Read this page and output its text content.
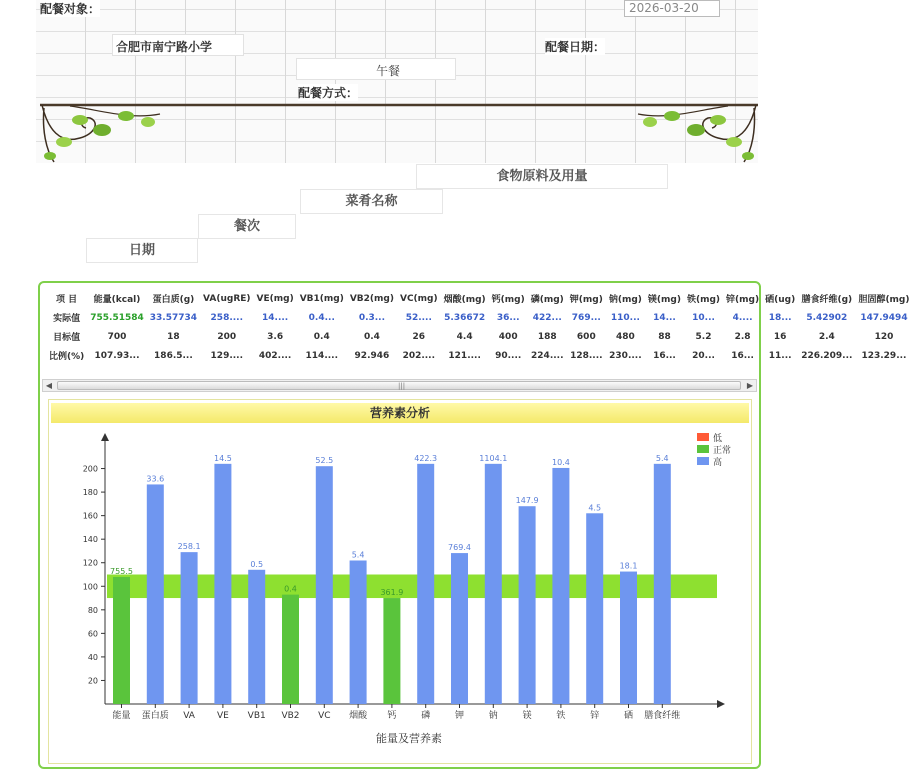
配餐对象：	2026-03-20
合肥市南宁路小学	配餐日期：
午餐
配餐方式：
食物原料及用量
菜肴名称
餐次
日期
项 目	能量(kcal)	蛋白质(g)	VA(ugRE)	VE(mg)	VB1(mg)	VB2(mg)	VC(mg)	烟酸(mg)	钙(mg)	磷(mg)	钾(mg)	钠(mg)	镁(mg)	铁(mg)	锌(mg)	硒(ug)	膳食纤维(g)	胆固醇(mg)
实际值	755.51584	33.57734	258....	14....	0.4...	0.3...	52....	5.36672	36...	422...	769...	110...	14...	10...	4....	18...	5.42902	147.9494
目标值	700	18	200	3.6	0.4	0.4	26	4.4	400	188	600	480	88	5.2	2.8	16	2.4	120
比例(%)	107.93...	186.5...	129....	402....	114....	92.946	202....	121....	90....	224....	128....	230....	16...	20...	16...	11...	226.209...	123.29...
◀	|||	▶
营养素分析
20
40
60
80
100
120
140
160
180
200
755.5
能量
33.6
蛋白质
258.1
VA
14.5
VE
0.5
VB1
0.4
VB2
52.5
VC
5.4
烟酸
361.9
钙
422.3
磷
769.4
钾
1104.1
钠
147.9
镁
10.4
铁
4.5
锌
18.1
硒
5.4
膳食纤维
能量及营养素
低
正常
高
